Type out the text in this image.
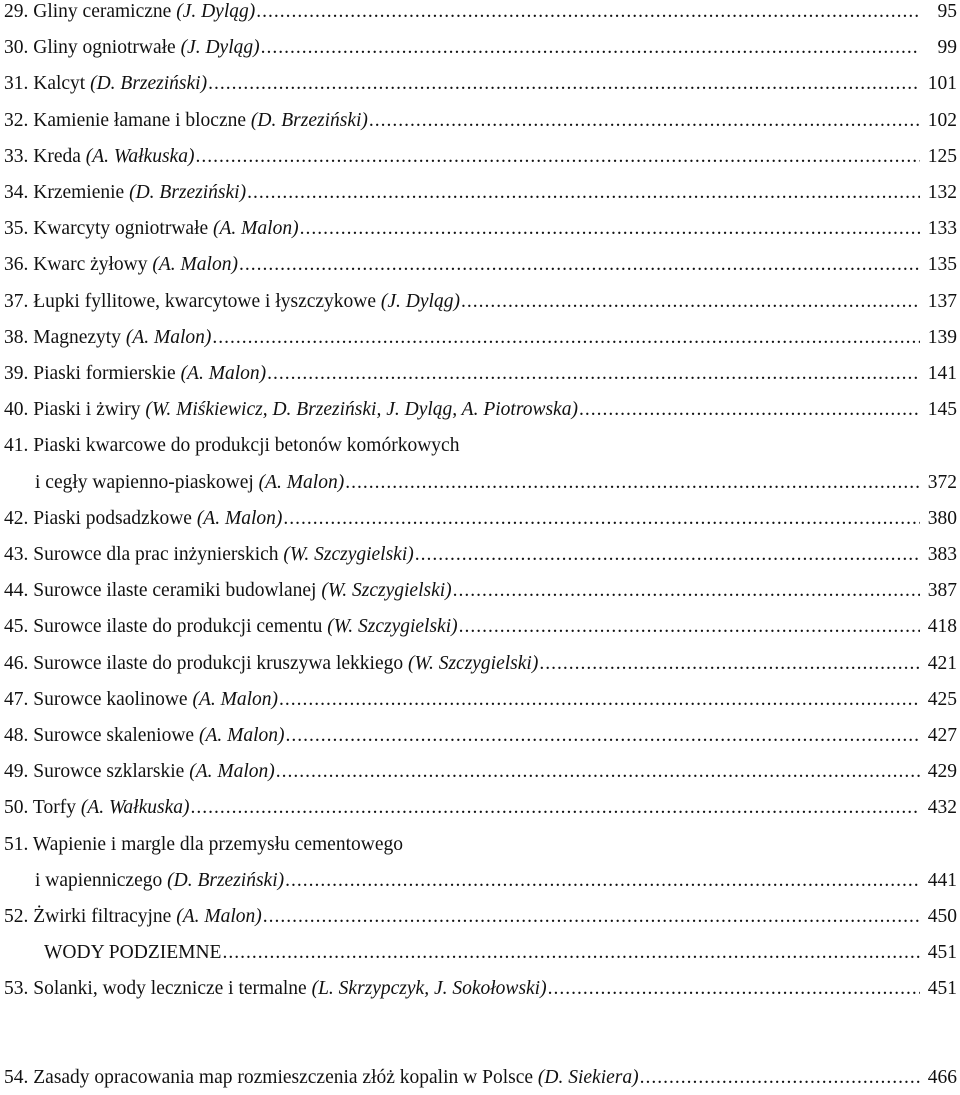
29. Gliny ceramiczne (J. Dyląg) .....	95
30. Gliny ogniotrwałe (J. Dyląg) .....	99
31. Kalcyt (D. Brzeziński) .....	101
32. Kamienie łamane i bloczne (D. Brzeziński) .....	102
33. Kreda (A. Wałkuska) .....	125
34. Krzemienie (D. Brzeziński) .....	132
35. Kwarcyty ogniotrwałe (A. Malon) .....	133
36. Kwarc żyłowy (A. Malon) .....	135
37. Łupki fyllitowe, kwarcytowe i łyszczykowe (J. Dyląg) .....	137
38. Magnezyty (A. Malon) .....	139
39. Piaski formierskie (A. Malon) .....	141
40. Piaski i żwiry (W. Miśkiewicz, D. Brzeziński, J. Dyląg, A. Piotrowska) .....	145
41. Piaski kwarcowe do produkcji betonów komórkowych
i cegły wapienno-piaskowej (A. Malon) .....	372
42. Piaski podsadzkowe (A. Malon) .....	380
43. Surowce dla prac inżynierskich (W. Szczygielski) .....	383
44. Surowce ilaste ceramiki budowlanej (W. Szczygielski) .....	387
45. Surowce ilaste do produkcji cementu (W. Szczygielski) .....	418
46. Surowce ilaste do produkcji kruszywa lekkiego (W. Szczygielski) .....	421
47. Surowce kaolinowe (A. Malon) .....	425
48. Surowce skaleniowe (A. Malon) .....	427
49. Surowce szklarskie (A. Malon) .....	429
50. Torfy (A. Wałkuska) .....	432
51. Wapienie i margle dla przemysłu cementowego
i wapienniczego (D. Brzeziński) .....	441
52. Żwirki filtracyjne (A. Malon) .....	450
WODY PODZIEMNE .....	451
53. Solanki, wody lecznicze i termalne (L. Skrzypczyk, J. Sokołowski) .....	451
54. Zasady opracowania map rozmieszczenia złóż kopalin w Polsce (D. Siekiera) .....	466
